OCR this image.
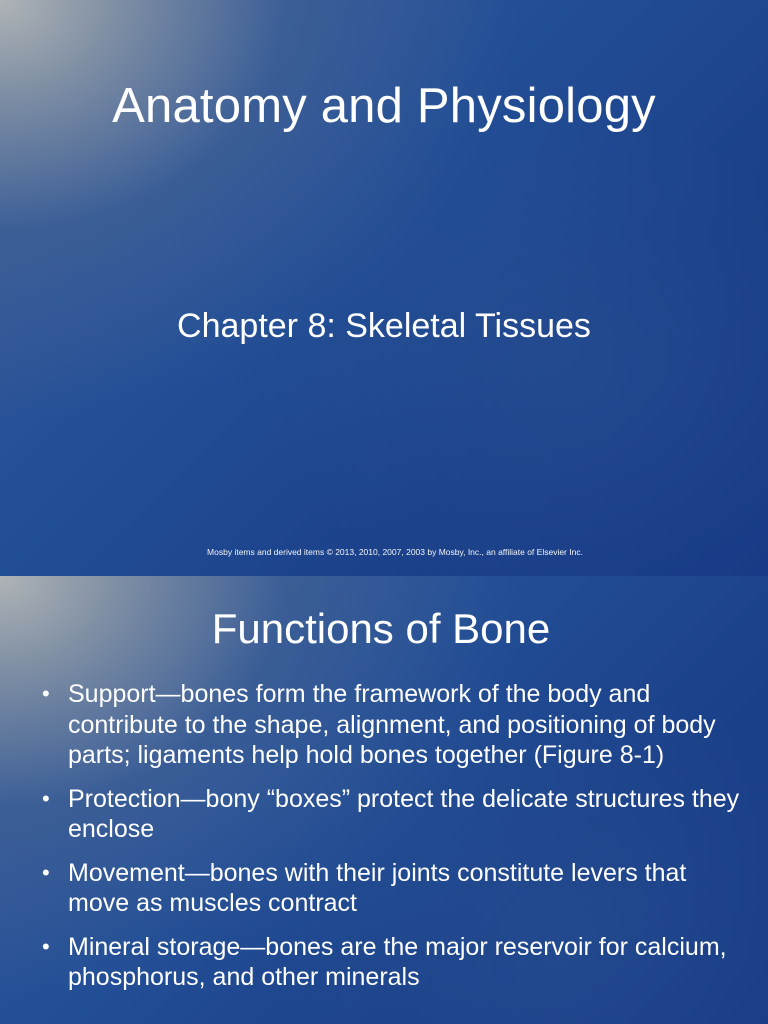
Anatomy and Physiology
Chapter 8: Skeletal Tissues
Mosby items and derived items © 2013, 2010, 2007, 2003 by Mosby, Inc., an affiliate of Elsevier Inc.
Functions of Bone
• Support—bones form the framework of the body and contribute to the shape, alignment, and positioning of body parts; ligaments help hold bones together (Figure 8-1)
• Protection—bony “boxes” protect the delicate structures they enclose
• Movement—bones with their joints constitute levers that move as muscles contract
• Mineral storage—bones are the major reservoir for calcium, phosphorus, and other minerals
